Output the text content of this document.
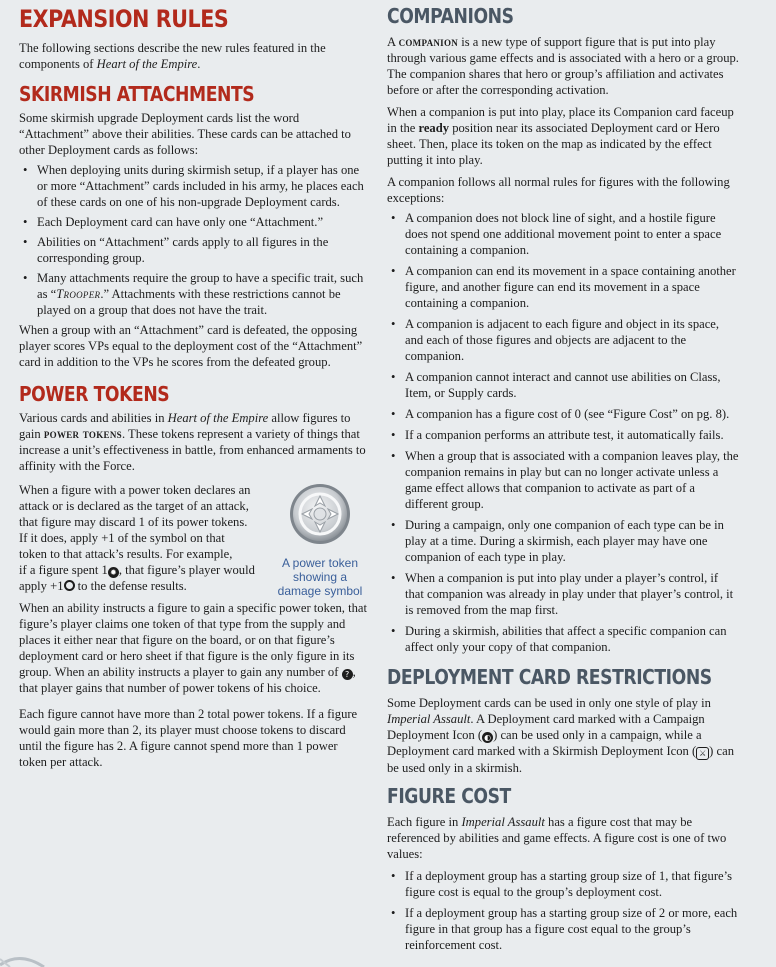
EXPANSION RULES

The following sections describe the new rules featured in the components of Heart of the Empire.

SKIRMISH ATTACHMENTS

Some skirmish upgrade Deployment cards list the word “Attachment” above their abilities. These cards can be attached to other Deployment cards as follows:

• When deploying units during skirmish setup, if a player has one or more “Attachment” cards included in his army, he places each of these cards on one of his non-upgrade Deployment cards.
• Each Deployment card can have only one “Attachment.”
• Abilities on “Attachment” cards apply to all figures in the corresponding group.
• Many attachments require the group to have a specific trait, such as “Trooper.” Attachments with these restrictions cannot be played on a group that does not have the trait.

When a group with an “Attachment” card is defeated, the opposing player scores VPs equal to the deployment cost of the “Attachment” card in addition to the VPs he scores from the defeated group.

POWER TOKENS

Various cards and abilities in Heart of the Empire allow figures to gain power tokens. These tokens represent a variety of things that increase a unit’s effectiveness in battle, from enhanced armaments to affinity with the Force.

When a figure with a power token declares an

attack or is declared as the target of an attack,

that figure may discard 1 of its power tokens.

If it does, apply +1 of the symbol on that

token to that attack’s results. For example,

if a figure spent 1 ✹ , that figure’s player would

apply +1 to the defense results.

A power token showing a damage symbol

When an ability instructs a figure to gain a specific power token, that figure’s player claims one token of that type from the supply and places it either near that figure on the board, or on that figure’s deployment card or hero sheet if that figure is the only figure in its group. When an ability instructs a player to gain any number of ? , that player gains that number of power tokens of his choice.

Each figure cannot have more than 2 total power tokens. If a figure would gain more than 2, its player must choose tokens to discard until the figure has 2. A figure cannot spend more than 1 power token per attack.

COMPANIONS

A companion is a new type of support figure that is put into play through various game effects and is associated with a hero or a group. The companion shares that hero or group’s affiliation and activates before or after the corresponding activation.

When a companion is put into play, place its Companion card faceup in the ready position near its associated Deployment card or Hero sheet. Then, place its token on the map as indicated by the effect putting it into play.

A companion follows all normal rules for figures with the following exceptions:

• A companion does not block line of sight, and a hostile figure does not spend one additional movement point to enter a space containing a companion.
• A companion can end its movement in a space containing another figure, and another figure can end its movement in a space containing a companion.
• A companion is adjacent to each figure and object in its space, and each of those figures and objects are adjacent to the companion.
• A companion cannot interact and cannot use abilities on Class, Item, or Supply cards.
• A companion has a figure cost of 0 (see “Figure Cost” on pg. 8).
• If a companion performs an attribute test, it automatically fails.
• When a group that is associated with a companion leaves play, the companion remains in play but can no longer activate unless a game effect allows that companion to activate as part of a different group.
• During a campaign, only one companion of each type can be in play at a time. During a skirmish, each player may have one companion of each type in play.
• When a companion is put into play under a player’s control, if that companion was already in play under that player’s control, it is removed from the map first.
• During a skirmish, abilities that affect a specific companion can affect only your copy of that companion.
DEPLOYMENT CARD RESTRICTIONS

Some Deployment cards can be used in only one style of play in Imperial Assault. A Deployment card marked with a Campaign Deployment Icon ( ◐ ) can be used only in a campaign, while a Deployment card marked with a Skirmish Deployment Icon ( ⚔ ) can be used only in a skirmish.

FIGURE COST

Each figure in Imperial Assault has a figure cost that may be referenced by abilities and game effects. A figure cost is one of two values:

• If a deployment group has a starting group size of 1, that figure’s figure cost is equal to the group’s deployment cost.
• If a deployment group has a starting group size of 2 or more, each figure in that group has a figure cost equal to the group’s reinforcement cost.
